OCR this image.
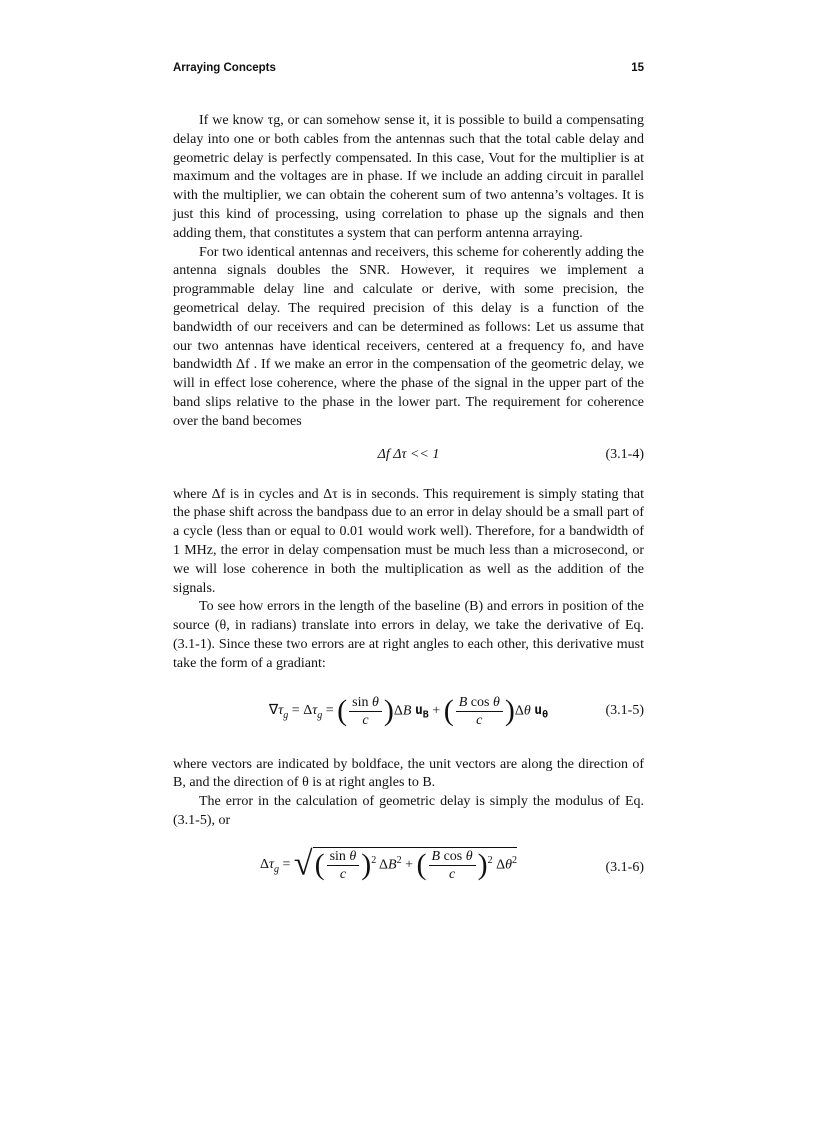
Arraying Concepts	15

If we know τg, or can somehow sense it, it is possible to build a compensating delay into one or both cables from the antennas such that the total cable delay and geometric delay is perfectly compensated. In this case, Vout for the multiplier is at maximum and the voltages are in phase. If we include an adding circuit in parallel with the multiplier, we can obtain the coherent sum of two antenna’s voltages. It is just this kind of processing, using correlation to phase up the signals and then adding them, that constitutes a system that can perform antenna arraying.

For two identical antennas and receivers, this scheme for coherently adding the antenna signals doubles the SNR. However, it requires we implement a programmable delay line and calculate or derive, with some precision, the geometrical delay. The required precision of this delay is a function of the bandwidth of our receivers and can be determined as follows: Let us assume that our two antennas have identical receivers, centered at a frequency fo, and have bandwidth Δf . If we make an error in the compensation of the geometric delay, we will in effect lose coherence, where the phase of the signal in the upper part of the band slips relative to the phase in the lower part. The requirement for coherence over the band becomes

Δf Δτ << 1	(3.1-4)

where Δf is in cycles and Δτ is in seconds. This requirement is simply stating that the phase shift across the bandpass due to an error in delay should be a small part of a cycle (less than or equal to 0.01 would work well). Therefore, for a bandwidth of 1 MHz, the error in delay compensation must be much less than a microsecond, or we will lose coherence in both the multiplication as well as the addition of the signals.

To see how errors in the length of the baseline (B) and errors in position of the source (θ, in radians) translate into errors in delay, we take the derivative of Eq. (3.1-1). Since these two errors are at right angles to each other, this derivative must take the form of a gradiant:

$\nabla\tau_g = \Delta\tau_g$ = ( $\frac{\text{sin θ}}{c} )\Delta B$ $u_B$ + ( $\frac{\text{B cos θ}}{c} )\Delta\theta$ $u_\theta$	(3.1-5)

where vectors are indicated by boldface, the unit vectors are along the direction of B, and the direction of θ is at right angles to B.

The error in the calculation of geometric delay is simply the modulus of Eq. (3.1-5), or

$\Delta\tau_g$ = √( $\frac{\text{sin θ}}{c} )^2$ $\Delta B^2$ + ( $\frac{\text{B cos θ}}{c} )^2$ $\Delta\theta^2$	(3.1-6)
